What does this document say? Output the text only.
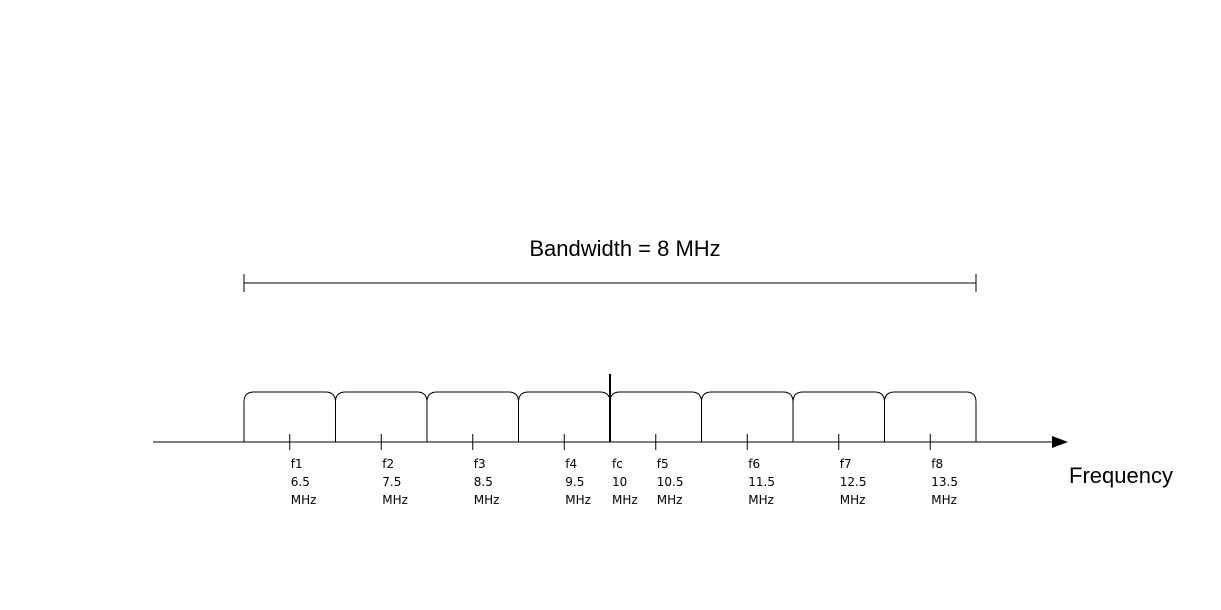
Bandwidth = 8 MHz
Frequency
f1
6.5
MHz
f2
7.5
MHz
f3
8.5
MHz
f4
9.5
MHz
f5
10.5
MHz
f6
11.5
MHz
f7
12.5
MHz
f8
13.5
MHz
fc
10
MHz
